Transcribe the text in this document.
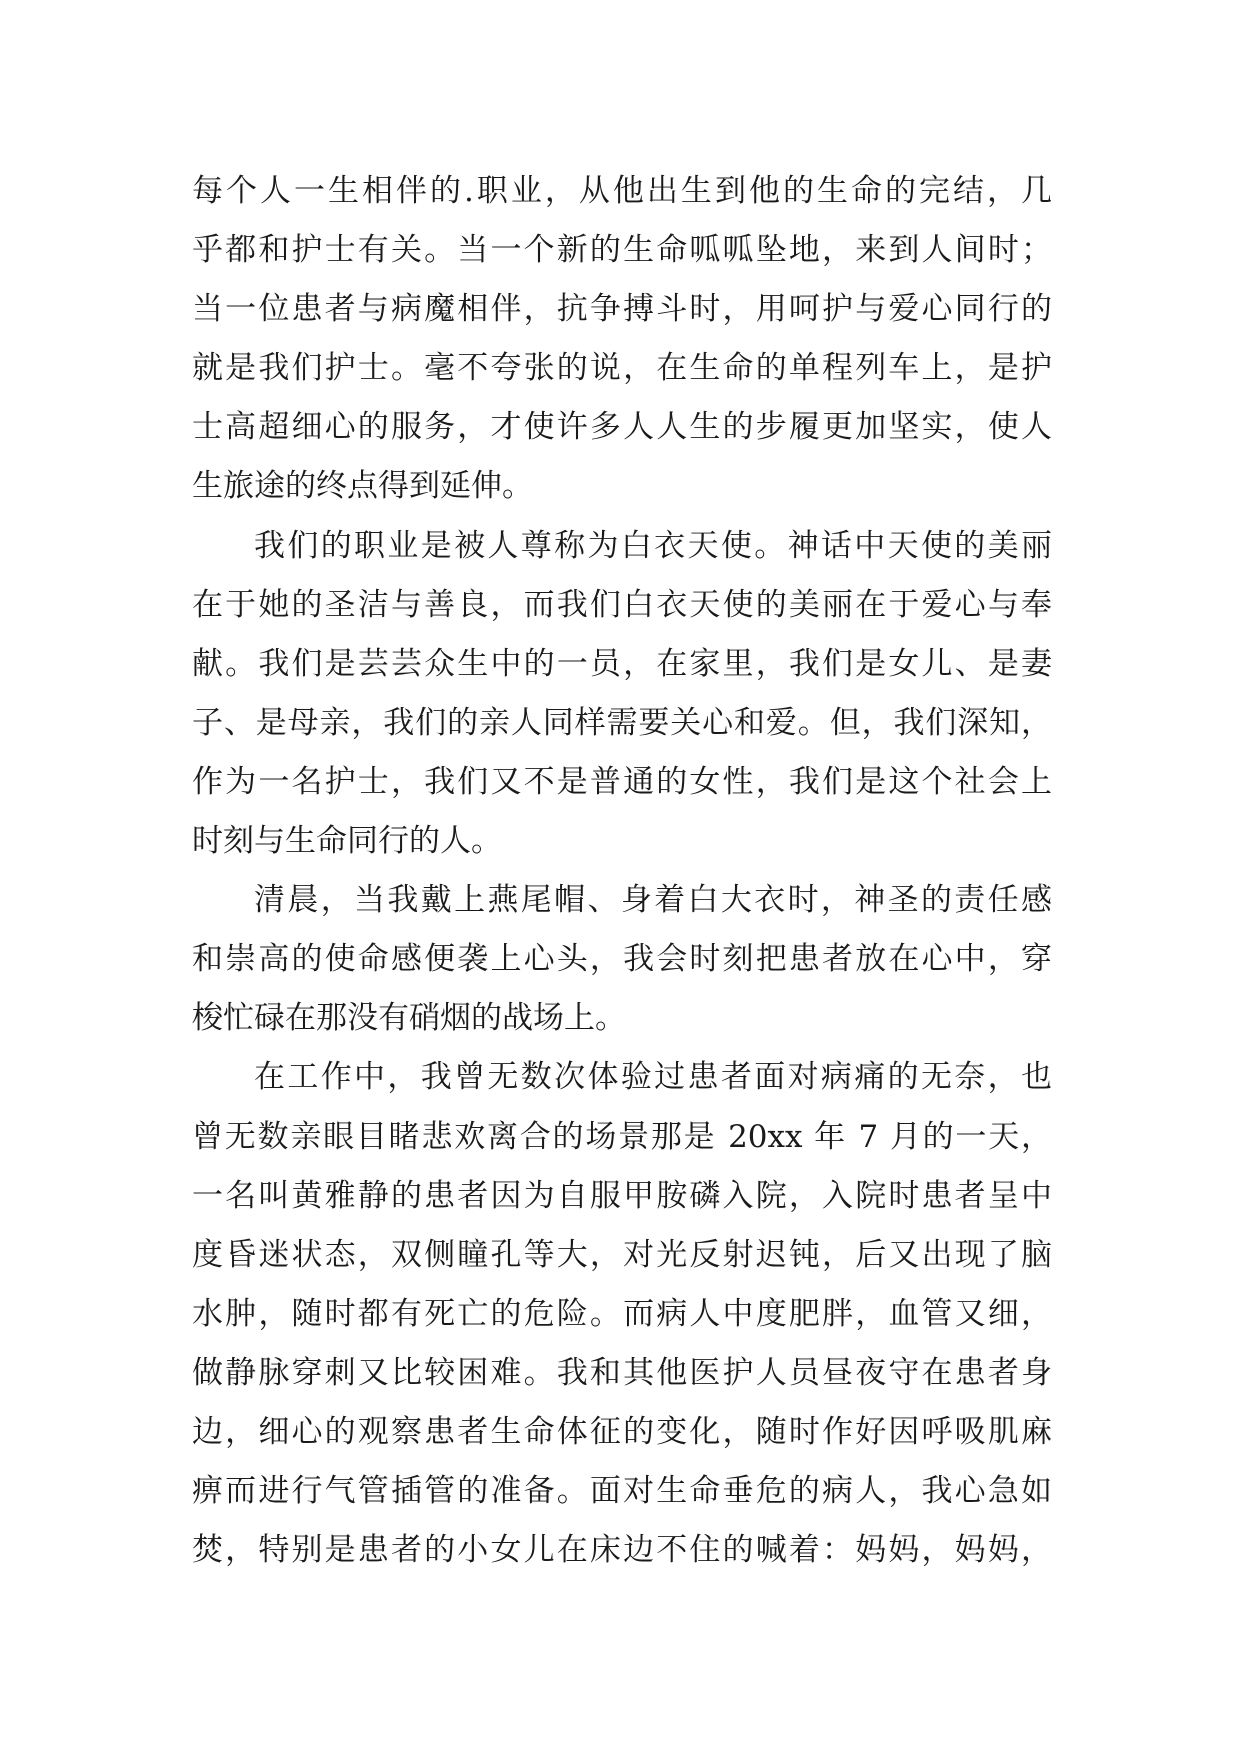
每个人一生相伴的.职业，从他出生到他的生命的完结，几
乎都和护士有关。当一个新的生命呱呱坠地，来到人间时；
当一位患者与病魔相伴，抗争搏斗时，用呵护与爱心同行的
就是我们护士。毫不夸张的说，在生命的单程列车上，是护
士高超细心的服务，才使许多人人生的步履更加坚实，使人
生旅途的终点得到延伸。
我们的职业是被人尊称为白衣天使。神话中天使的美丽
在于她的圣洁与善良，而我们白衣天使的美丽在于爱心与奉
献。我们是芸芸众生中的一员，在家里，我们是女儿、是妻
子、是母亲，我们的亲人同样需要关心和爱。但，我们深知，
作为一名护士，我们又不是普通的女性，我们是这个社会上
时刻与生命同行的人。
清晨，当我戴上燕尾帽、身着白大衣时，神圣的责任感
和崇高的使命感便袭上心头，我会时刻把患者放在心中，穿
梭忙碌在那没有硝烟的战场上。
在工作中，我曾无数次体验过患者面对病痛的无奈，也
曾无数亲眼目睹悲欢离合的场景那是 20xx 年 7 月的一天，
一名叫黄雅静的患者因为自服甲胺磷入院，入院时患者呈中
度昏迷状态，双侧瞳孔等大，对光反射迟钝，后又出现了脑
水肿，随时都有死亡的危险。而病人中度肥胖，血管又细，
做静脉穿刺又比较困难。我和其他医护人员昼夜守在患者身
边，细心的观察患者生命体征的变化，随时作好因呼吸肌麻
痹而进行气管插管的准备。面对生命垂危的病人，我心急如
焚，特别是患者的小女儿在床边不住的喊着：妈妈，妈妈，
